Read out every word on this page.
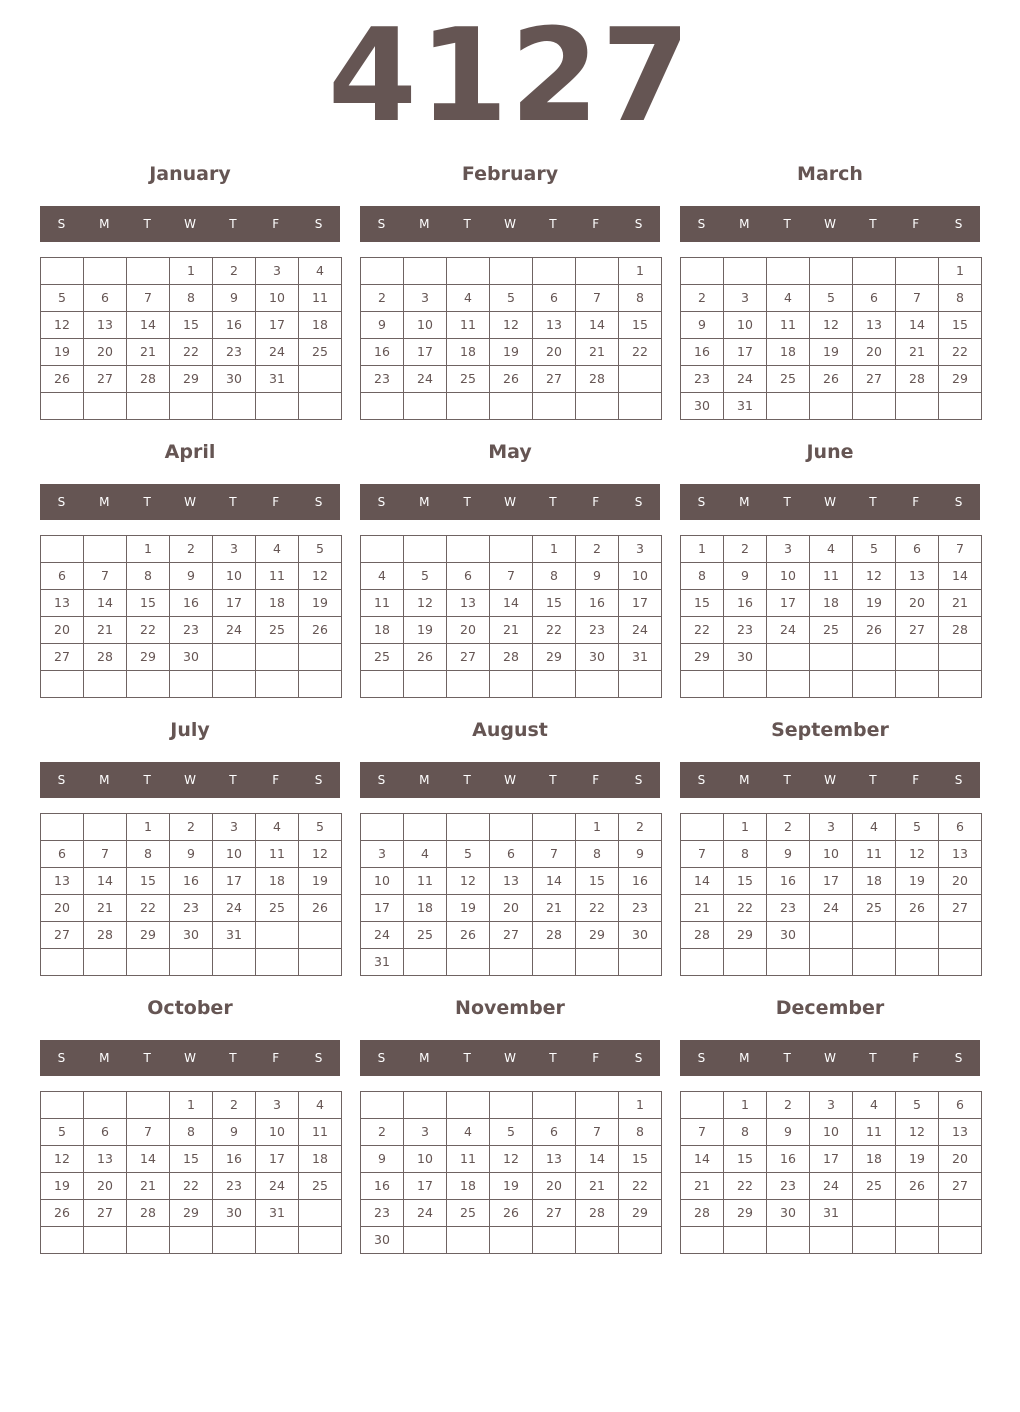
4127
January
S	M	T	W	T	F	S
			1	2	3	4
5	6	7	8	9	10	11
12	13	14	15	16	17	18
19	20	21	22	23	24	25
26	27	28	29	30	31	

February
S	M	T	W	T	F	S
						1
2	3	4	5	6	7	8
9	10	11	12	13	14	15
16	17	18	19	20	21	22
23	24	25	26	27	28	

March
S	M	T	W	T	F	S
						1
2	3	4	5	6	7	8
9	10	11	12	13	14	15
16	17	18	19	20	21	22
23	24	25	26	27	28	29
30	31					
April
S	M	T	W	T	F	S
		1	2	3	4	5
6	7	8	9	10	11	12
13	14	15	16	17	18	19
20	21	22	23	24	25	26
27	28	29	30			

May
S	M	T	W	T	F	S
				1	2	3
4	5	6	7	8	9	10
11	12	13	14	15	16	17
18	19	20	21	22	23	24
25	26	27	28	29	30	31

June
S	M	T	W	T	F	S
1	2	3	4	5	6	7
8	9	10	11	12	13	14
15	16	17	18	19	20	21
22	23	24	25	26	27	28
29	30					

July
S	M	T	W	T	F	S
		1	2	3	4	5
6	7	8	9	10	11	12
13	14	15	16	17	18	19
20	21	22	23	24	25	26
27	28	29	30	31		

August
S	M	T	W	T	F	S
					1	2
3	4	5	6	7	8	9
10	11	12	13	14	15	16
17	18	19	20	21	22	23
24	25	26	27	28	29	30
31						
September
S	M	T	W	T	F	S
	1	2	3	4	5	6
7	8	9	10	11	12	13
14	15	16	17	18	19	20
21	22	23	24	25	26	27
28	29	30				

October
S	M	T	W	T	F	S
			1	2	3	4
5	6	7	8	9	10	11
12	13	14	15	16	17	18
19	20	21	22	23	24	25
26	27	28	29	30	31	

November
S	M	T	W	T	F	S
						1
2	3	4	5	6	7	8
9	10	11	12	13	14	15
16	17	18	19	20	21	22
23	24	25	26	27	28	29
30						
December
S	M	T	W	T	F	S
	1	2	3	4	5	6
7	8	9	10	11	12	13
14	15	16	17	18	19	20
21	22	23	24	25	26	27
28	29	30	31			
